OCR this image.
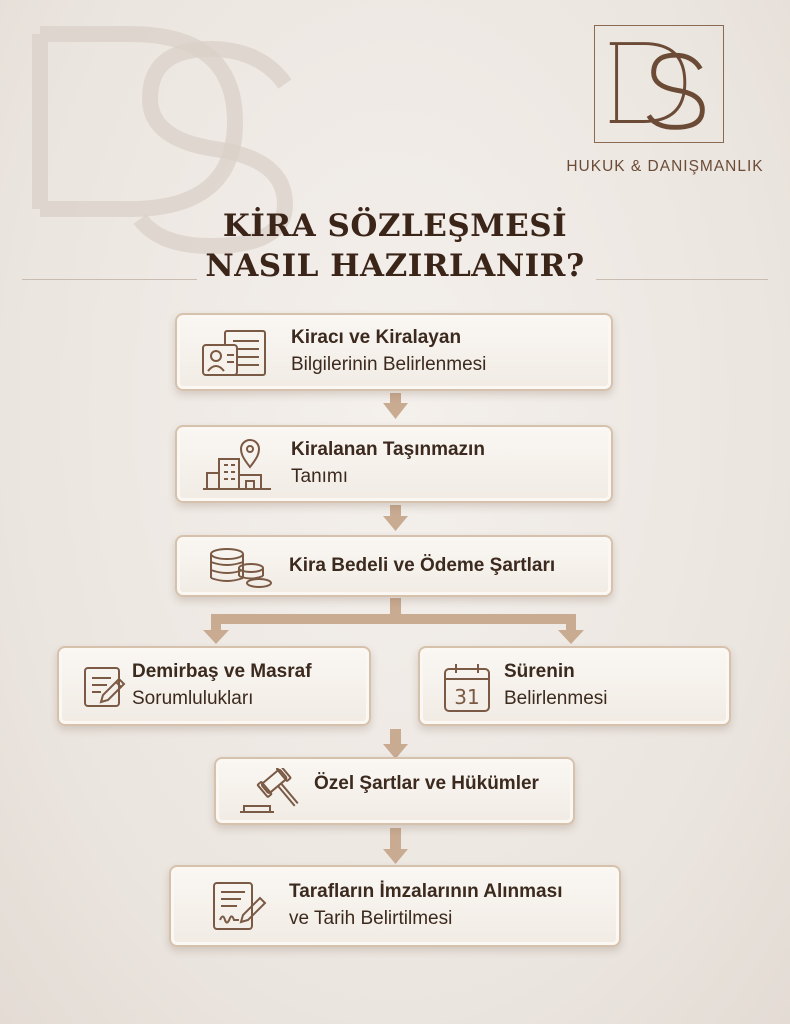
HUKUK & DANIŞMANLIK
KİRA SÖZLEŞMESİ
NASIL HAZIRLANIR?
Kiracı ve Kiralayan
Bilgilerinin Belirlenmesi
Kiralanan Taşınmazın
Tanımı
Kira Bedeli ve Ödeme Şartları
Demirbaş ve Masraf
Sorumlulukları	31
Sürenin
Belirlenmesi
Özel Şartlar ve Hükümler
Tarafların İmzalarının Alınması
ve Tarih Belirtilmesi
